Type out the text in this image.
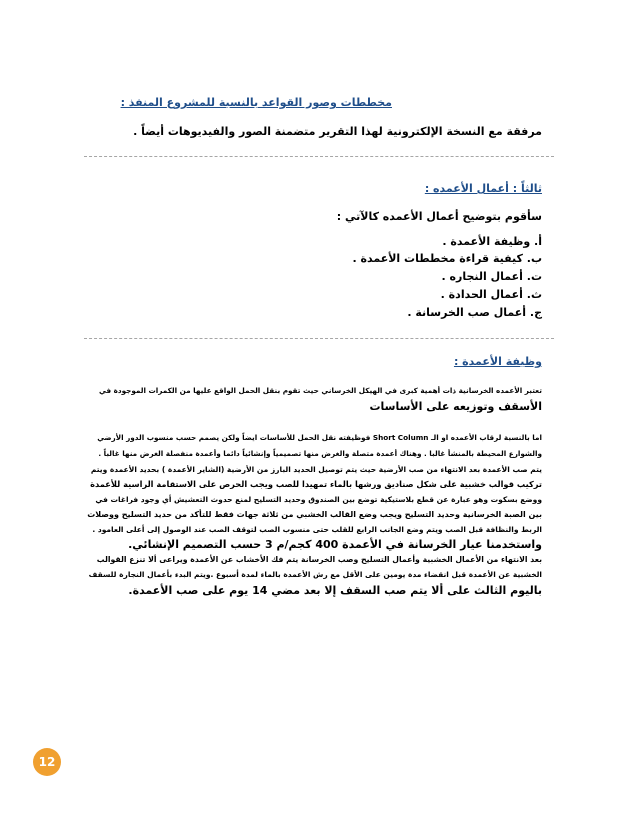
مخططات وصور القواعد بالنسبة للمشروع المنفذ :
مرفقة مع النسخة الإلكترونية لهذا التقرير متضمنة الصور والفيديوهات أيضاً .
ثالثاً : أعمال الأعمده :
سأقوم بتوضيح أعمال الأعمده كالآتي :
أ. وظيفة الأعمدة .
ب. كيفية قراءة مخططات الأعمدة .
ت. أعمال النجاره .
ث. أعمال الحدادة .
ج. أعمال صب الخرسانة .
وظيفة الأعمدة :
تعتبر الأعمده الخرسانية ذات أهمية كبرى في الهيكل الخرساني حيث تقوم بنقل الحمل الواقع عليها من الكمرات الموجودة في
الأسقف وتوزيعه على الأساسات
اما بالنسبة لرقاب الأعمده او الـ Short Column فوظيفته نقل الحمل للأساسات ايضاً ولكن يصمم حسب منسوب الدور الأرضي
والشوارع المحيطة بالمنشأ غالبا . وهناك أعمدة متصلة والغرض منها تصميمياً وإنشائياً دائما وأعمدة منفصلة الغرض منها غالباً .
يتم صب الأعمدة بعد الانتهاء من صب الأرضية حيث يتم توصيل الحديد البارز من الأرضية (الشاير الأعمدة ) بحديد الأعمدة ويتم
تركيب قوالب خشبية على شكل صناديق ورشها بالماء تمهيدا للصب ويجب الحرص على الاستقامة الراسية للأعمدة
ووضع بسكوت وهو عبارة عن قطع بلاستيكية توضع بين الصندوق وحديد التسليح لمنع حدوث التعشيش أي وجود فراغات في
بين الصبة الخرسانية وحديد التسليح ويجب وضع القالب الخشبي من ثلاثة جهات فقط للتأكد من حديد التسليح ووصلات
الربط والنظافة قبل الصب ويتم وضع الجانب الرابع للقلب حتى منسوب الصب لتوقف الصب عند الوصول إلى أعلى العامود .
واستخدمنا عيار الخرسانة في الأعمدة 400 كجم/م 3 حسب التصميم الإنشائي.
بعد الانتهاء من الأعمال الخشبية وأعمال التسليح وصب الخرسانة يتم فك الأخشاب عن الأعمدة ويراعى ألا تنزع القوالب
الخشبية عن الأعمدة قبل انقضاء مدة يومين على الأقل مع رش الأعمدة بالماء لمدة أسبوع .ويتم البدء بأعمال النجارة للسقف
باليوم الثالث على ألا يتم صب السقف إلا بعد مضي 14 يوم على صب الأعمدة.
12
